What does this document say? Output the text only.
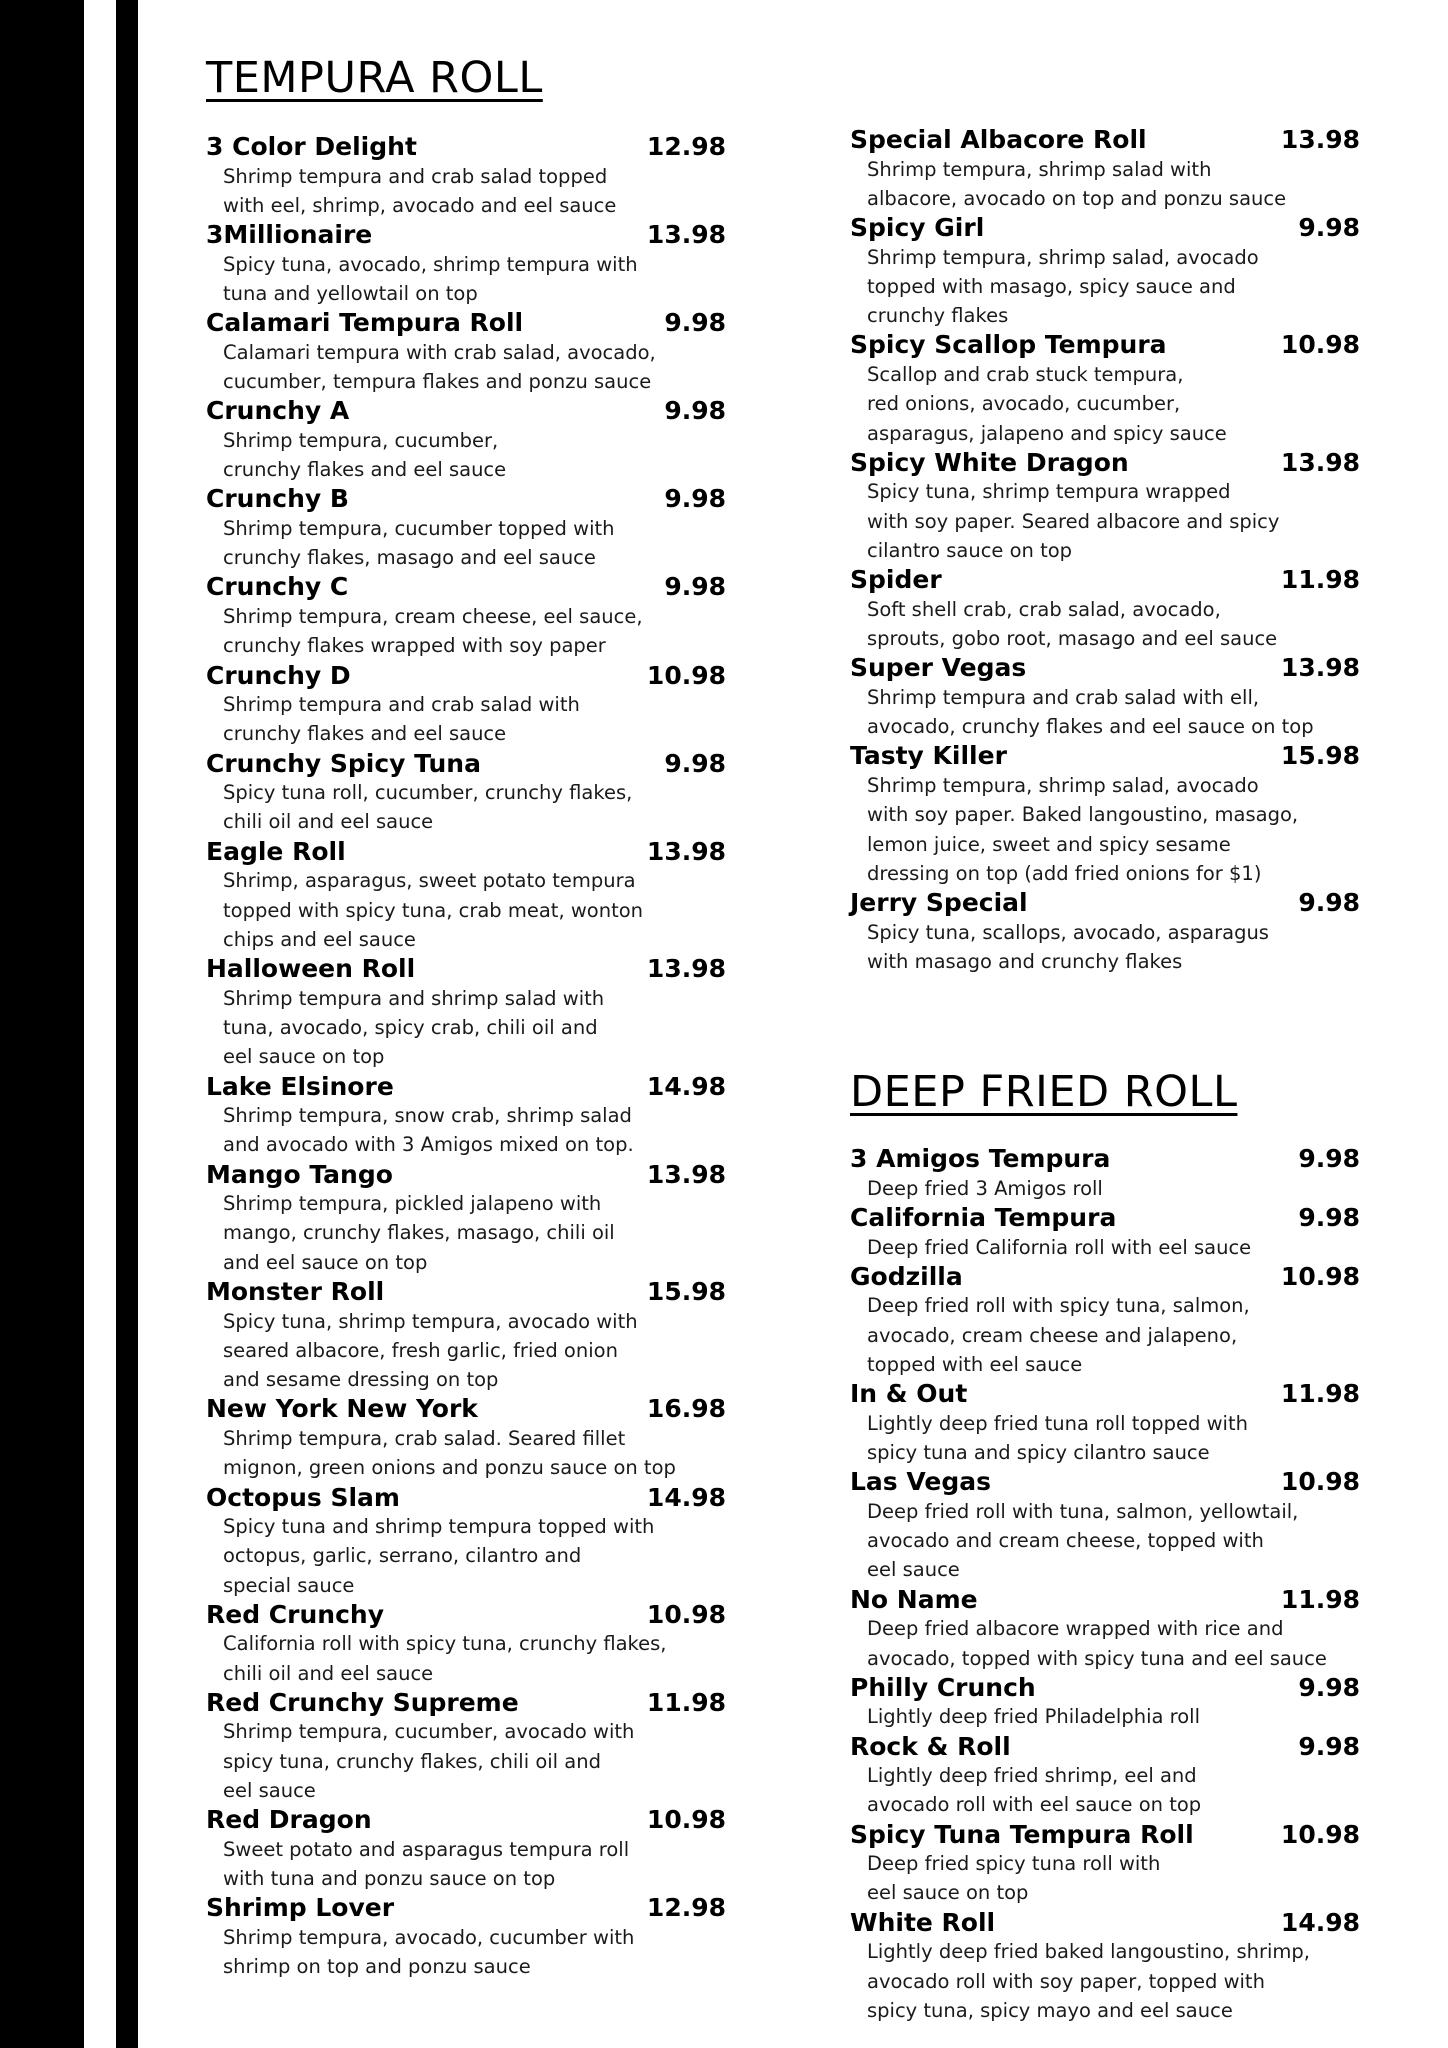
TEMPURA ROLL
3 Color Delight	12.98
Shrimp tempura and crab salad topped
with eel, shrimp, avocado and eel sauce
3Millionaire	13.98
Spicy tuna, avocado, shrimp tempura with
tuna and yellowtail on top
Calamari Tempura Roll	9.98
Calamari tempura with crab salad, avocado,
cucumber, tempura flakes and ponzu sauce
Crunchy A	9.98
Shrimp tempura, cucumber,
crunchy flakes and eel sauce
Crunchy B	9.98
Shrimp tempura, cucumber topped with
crunchy flakes, masago and eel sauce
Crunchy C	9.98
Shrimp tempura, cream cheese, eel sauce,
crunchy flakes wrapped with soy paper
Crunchy D	10.98
Shrimp tempura and crab salad with
crunchy flakes and eel sauce
Crunchy Spicy Tuna	9.98
Spicy tuna roll, cucumber, crunchy flakes,
chili oil and eel sauce
Eagle Roll	13.98
Shrimp, asparagus, sweet potato tempura
topped with spicy tuna, crab meat, wonton
chips and eel sauce
Halloween Roll	13.98
Shrimp tempura and shrimp salad with
tuna, avocado, spicy crab, chili oil and
eel sauce on top
Lake Elsinore	14.98
Shrimp tempura, snow crab, shrimp salad
and avocado with 3 Amigos mixed on top.
Mango Tango	13.98
Shrimp tempura, pickled jalapeno with
mango, crunchy flakes, masago, chili oil
and eel sauce on top
Monster Roll	15.98
Spicy tuna, shrimp tempura, avocado with
seared albacore, fresh garlic, fried onion
and sesame dressing on top
New York New York	16.98
Shrimp tempura, crab salad. Seared fillet
mignon, green onions and ponzu sauce on top
Octopus Slam	14.98
Spicy tuna and shrimp tempura topped with
octopus, garlic, serrano, cilantro and
special sauce
Red Crunchy	10.98
California roll with spicy tuna, crunchy flakes,
chili oil and eel sauce
Red Crunchy Supreme	11.98
Shrimp tempura, cucumber, avocado with
spicy tuna, crunchy flakes, chili oil and
eel sauce
Red Dragon	10.98
Sweet potato and asparagus tempura roll
with tuna and ponzu sauce on top
Shrimp Lover	12.98
Shrimp tempura, avocado, cucumber with
shrimp on top and ponzu sauce
Special Albacore Roll	13.98
Shrimp tempura, shrimp salad with
albacore, avocado on top and ponzu sauce
Spicy Girl	9.98
Shrimp tempura, shrimp salad, avocado
topped with masago, spicy sauce and
crunchy flakes
Spicy Scallop Tempura	10.98
Scallop and crab stuck tempura,
red onions, avocado, cucumber,
asparagus, jalapeno and spicy sauce
Spicy White Dragon	13.98
Spicy tuna, shrimp tempura wrapped
with soy paper. Seared albacore and spicy
cilantro sauce on top
Spider	11.98
Soft shell crab, crab salad, avocado,
sprouts, gobo root, masago and eel sauce
Super Vegas	13.98
Shrimp tempura and crab salad with ell,
avocado, crunchy flakes and eel sauce on top
Tasty Killer	15.98
Shrimp tempura, shrimp salad, avocado
with soy paper. Baked langoustino, masago,
lemon juice, sweet and spicy sesame
dressing on top (add fried onions for $1)
Jerry Special	9.98
Spicy tuna, scallops, avocado, asparagus
with masago and crunchy flakes
DEEP FRIED ROLL
3 Amigos Tempura	9.98
Deep fried 3 Amigos roll
California Tempura	9.98
Deep fried California roll with eel sauce
Godzilla	10.98
Deep fried roll with spicy tuna, salmon,
avocado, cream cheese and jalapeno,
topped with eel sauce
In & Out	11.98
Lightly deep fried tuna roll topped with
spicy tuna and spicy cilantro sauce
Las Vegas	10.98
Deep fried roll with tuna, salmon, yellowtail,
avocado and cream cheese, topped with
eel sauce
No Name	11.98
Deep fried albacore wrapped with rice and
avocado, topped with spicy tuna and eel sauce
Philly Crunch	9.98
Lightly deep fried Philadelphia roll
Rock & Roll	9.98
Lightly deep fried shrimp, eel and
avocado roll with eel sauce on top
Spicy Tuna Tempura Roll	10.98
Deep fried spicy tuna roll with
eel sauce on top
White Roll	14.98
Lightly deep fried baked langoustino, shrimp,
avocado roll with soy paper, topped with
spicy tuna, spicy mayo and eel sauce
